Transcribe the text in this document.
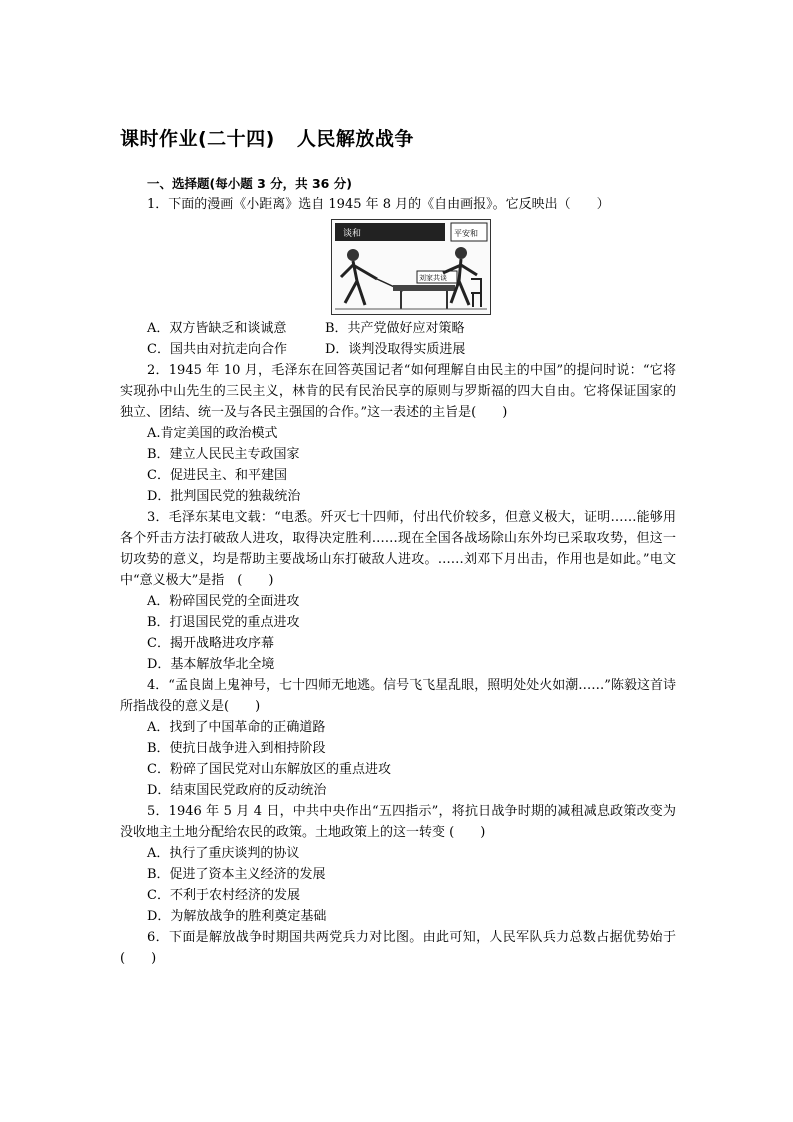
课时作业(二十四) 人民解放战争

一、选择题(每小题 3 分，共 36 分)

1．下面的漫画《小距离》选自 1945 年 8 月的《自由画报》。它反映出（　　）

谈和	平安和
刘家共谈
A．双方皆缺乏和谈诚意	B．共产党做好应对策略
C．国共由对抗走向合作	D．谈判没取得实质进展

2．1945 年 10 月，毛泽东在回答英国记者“如何理解自由民主的中国”的提问时说：“它将实现孙中山先生的三民主义，林肯的民有民治民享的原则与罗斯福的四大自由。它将保证国家的独立、团结、统一及与各民主强国的合作。”这一表述的主旨是(　　)

A.肯定美国的政治模式

B．建立人民民主专政国家

C．促进民主、和平建国

D．批判国民党的独裁统治

3．毛泽东某电文载：“电悉。歼灭七十四师，付出代价较多，但意义极大，证明……能够用各个歼击方法打破敌人进攻，取得决定胜利……现在全国各战场除山东外均已采取攻势，但这一切攻势的意义，均是帮助主要战场山东打破敌人进攻。……刘邓下月出击，作用也是如此。”电文中“意义极大”是指　(　　)

A．粉碎国民党的全面进攻

B．打退国民党的重点进攻

C．揭开战略进攻序幕

D．基本解放华北全境

4．“孟良崮上鬼神号，七十四师无地逃。信号飞飞星乱眼，照明处处火如潮……”陈毅这首诗所指战役的意义是(　　)

A．找到了中国革命的正确道路

B．使抗日战争进入到相持阶段

C．粉碎了国民党对山东解放区的重点进攻

D．结束国民党政府的反动统治

5．1946 年 5 月 4 日，中共中央作出“五四指示”，将抗日战争时期的减租减息政策改变为没收地主土地分配给农民的政策。土地政策上的这一转变 (　　)

A．执行了重庆谈判的协议

B．促进了资本主义经济的发展

C．不利于农村经济的发展

D．为解放战争的胜利奠定基础

6．下面是解放战争时期国共两党兵力对比图。由此可知，人民军队兵力总数占据优势始于 (　　)
